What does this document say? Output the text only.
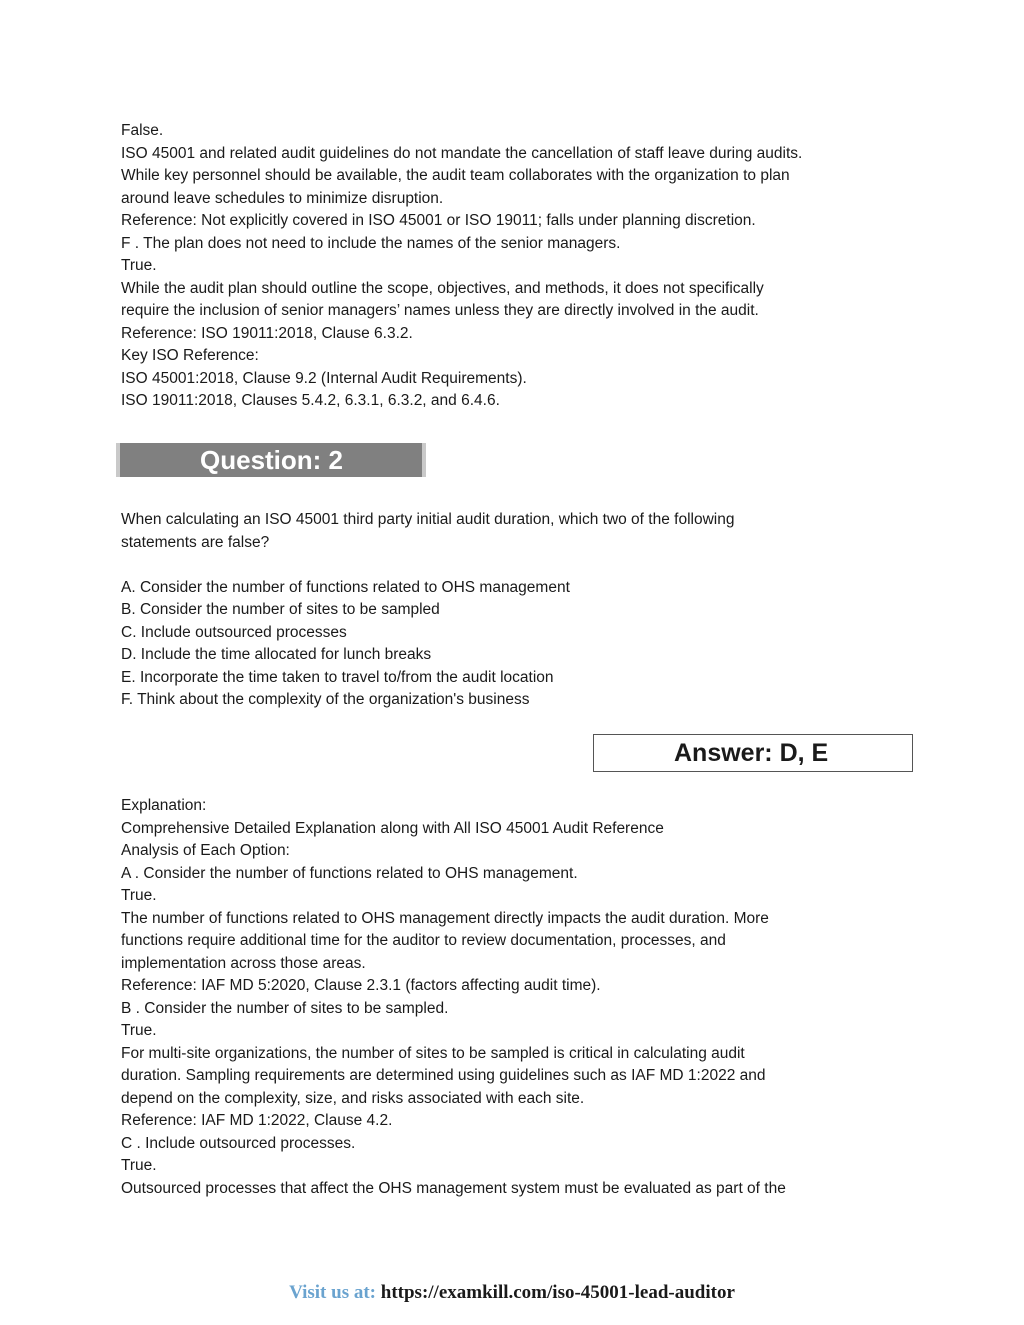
False.
ISO 45001 and related audit guidelines do not mandate the cancellation of staff leave during audits.
While key personnel should be available, the audit team collaborates with the organization to plan
around leave schedules to minimize disruption.
Reference: Not explicitly covered in ISO 45001 or ISO 19011; falls under planning discretion.
F . The plan does not need to include the names of the senior managers.
True.
While the audit plan should outline the scope, objectives, and methods, it does not specifically
require the inclusion of senior managers’ names unless they are directly involved in the audit.
Reference: ISO 19011:2018, Clause 6.3.2.
Key ISO Reference:
ISO 45001:2018, Clause 9.2 (Internal Audit Requirements).
ISO 19011:2018, Clauses 5.4.2, 6.3.1, 6.3.2, and 6.4.6.
Question: 2
When calculating an ISO 45001 third party initial audit duration, which two of the following
statements are false?
A. Consider the number of functions related to OHS management
B. Consider the number of sites to be sampled
C. Include outsourced processes
D. Include the time allocated for lunch breaks
E. Incorporate the time taken to travel to/from the audit location
F. Think about the complexity of the organization's business
Answer: D, E
Explanation:
Comprehensive Detailed Explanation along with All ISO 45001 Audit Reference
Analysis of Each Option:
A . Consider the number of functions related to OHS management.
True.
The number of functions related to OHS management directly impacts the audit duration. More
functions require additional time for the auditor to review documentation, processes, and
implementation across those areas.
Reference: IAF MD 5:2020, Clause 2.3.1 (factors affecting audit time).
B . Consider the number of sites to be sampled.
True.
For multi-site organizations, the number of sites to be sampled is critical in calculating audit
duration. Sampling requirements are determined using guidelines such as IAF MD 1:2022 and
depend on the complexity, size, and risks associated with each site.
Reference: IAF MD 1:2022, Clause 4.2.
C . Include outsourced processes.
True.
Outsourced processes that affect the OHS management system must be evaluated as part of the
Visit us at: https://examkill.com/iso-45001-lead-auditor
